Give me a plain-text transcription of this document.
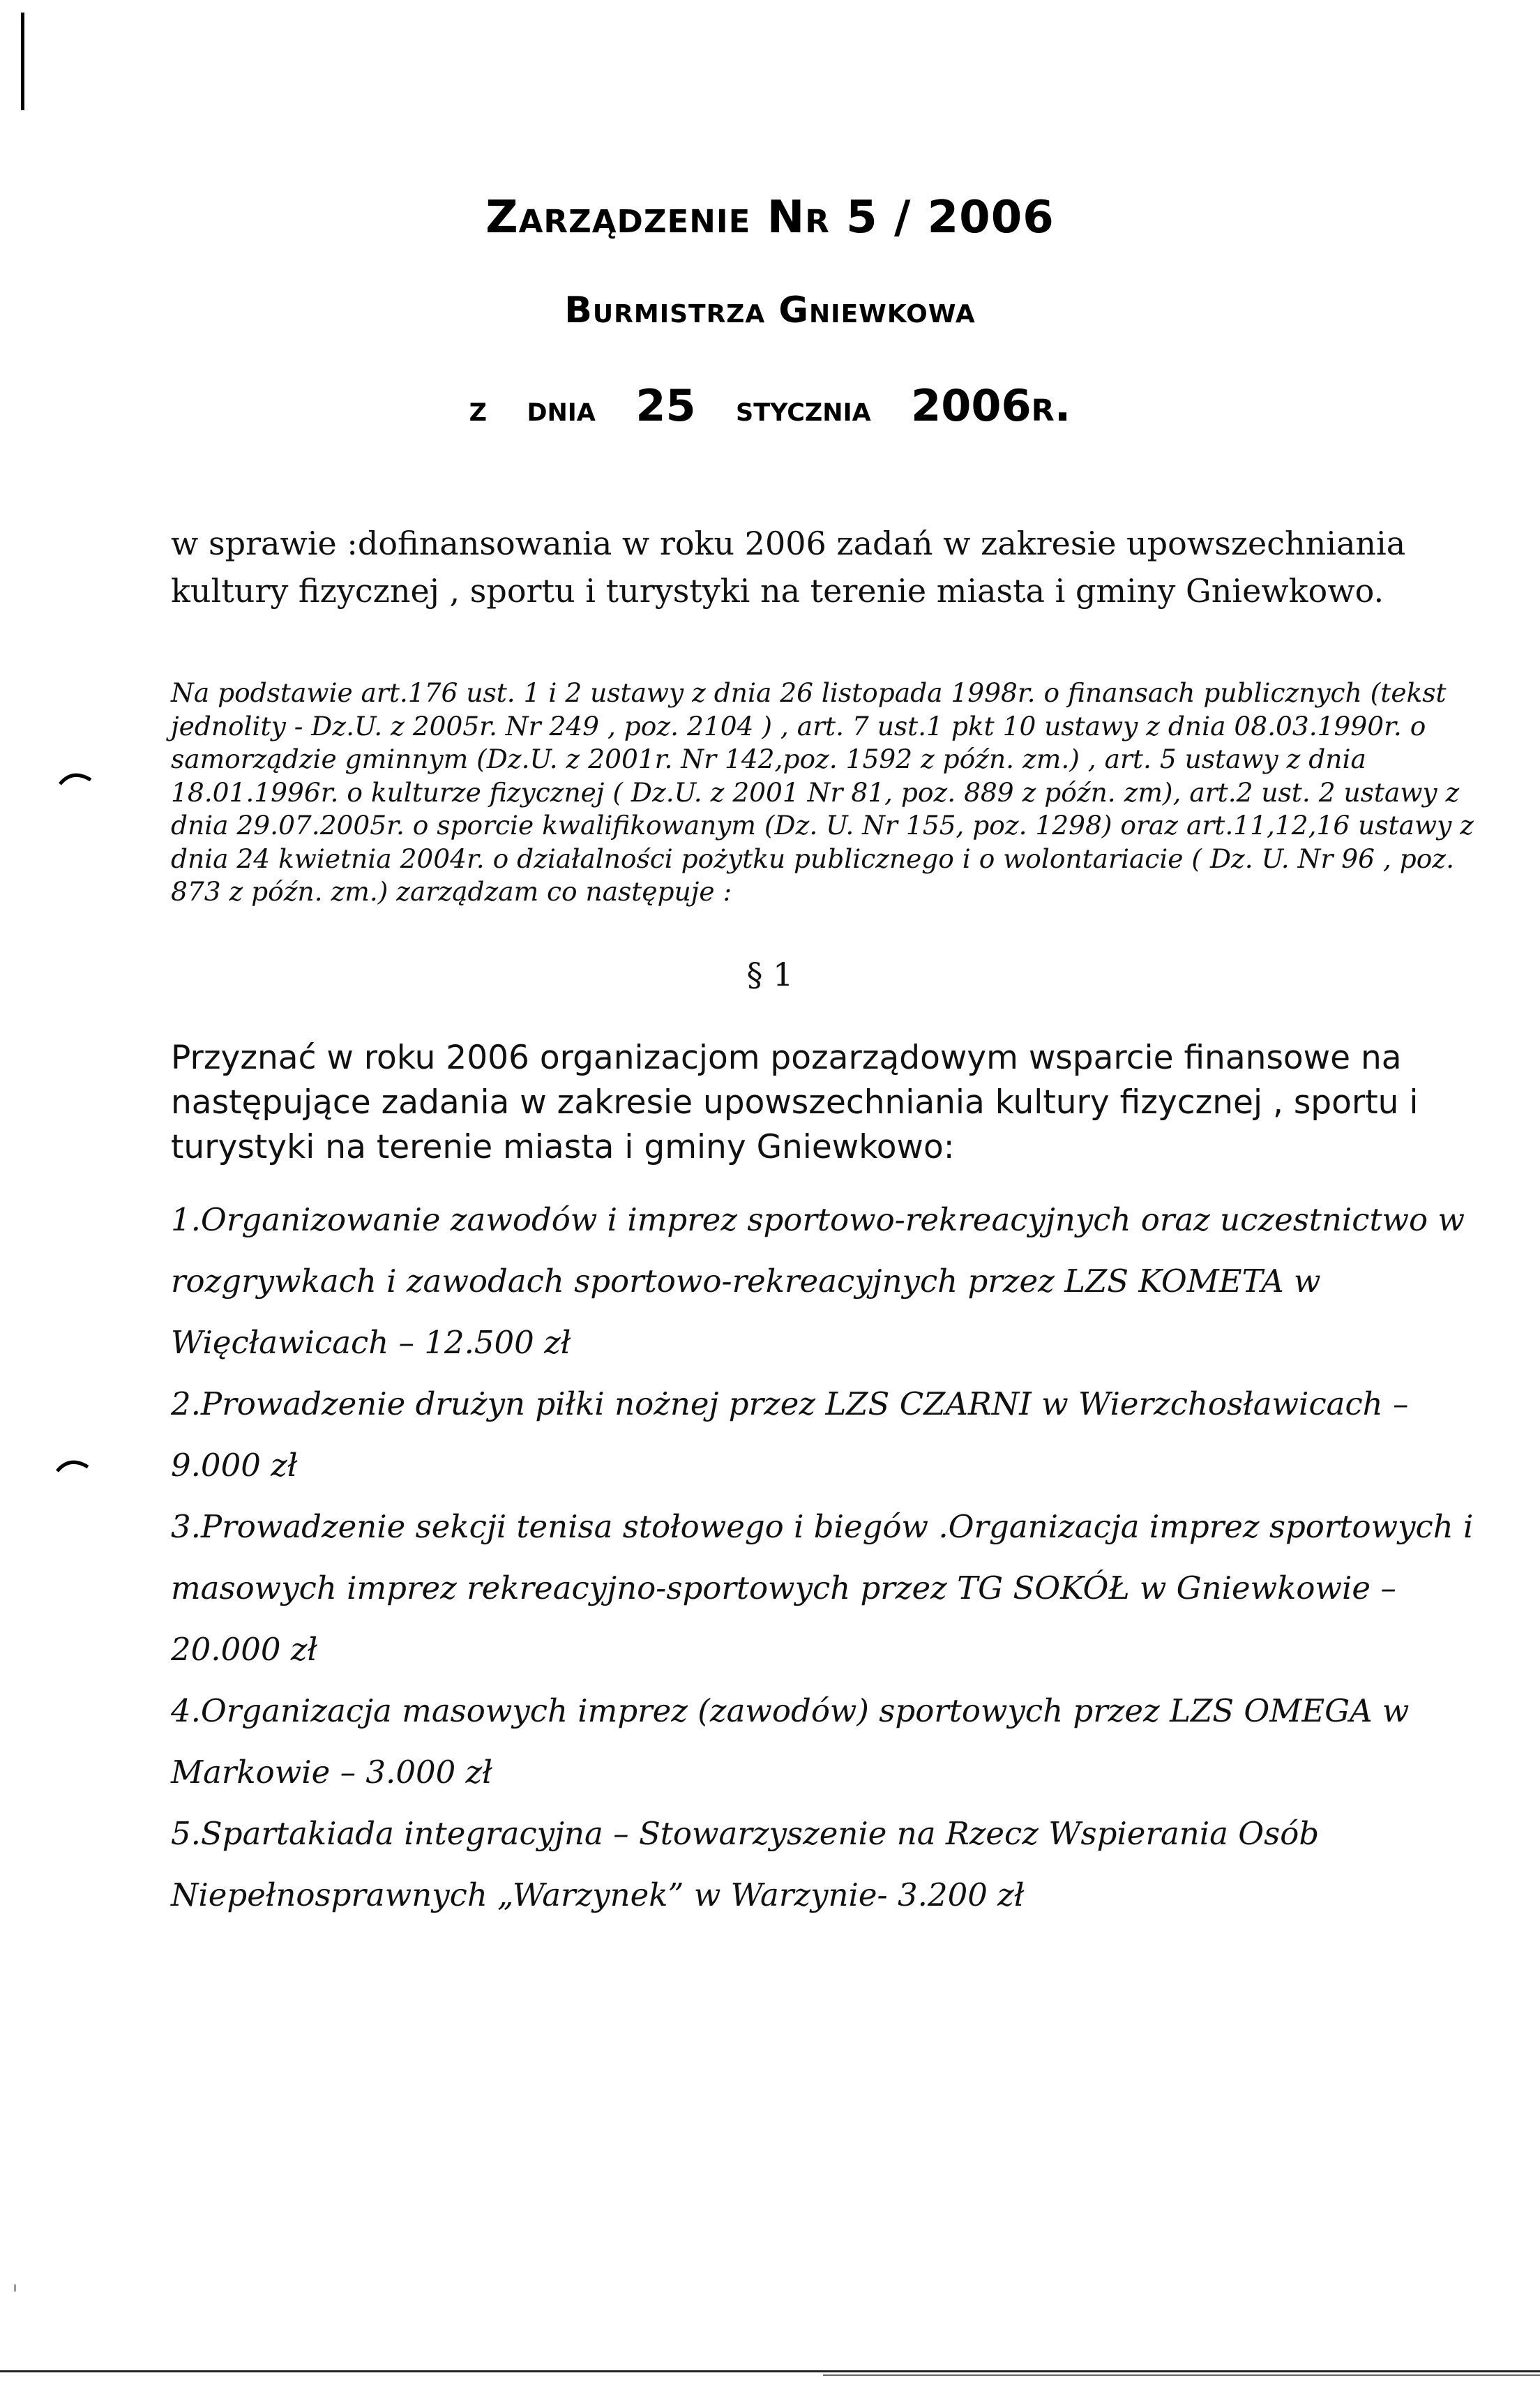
Zarządzenie Nr 5 / 2006
Burmistrza Gniewkowa
z dnia 25 stycznia 2006r.
w sprawie :dofinansowania w roku 2006 zadań w zakresie upowszechniania kultury fizycznej , sportu i turystyki na terenie miasta i gminy Gniewkowo.
Na podstawie art.176 ust. 1 i 2 ustawy z dnia 26 listopada 1998r. o finansach publicznych (tekst jednolity - Dz.U. z 2005r. Nr 249 , poz. 2104 ) , art. 7 ust.1 pkt 10 ustawy z dnia 08.03.1990r. o samorządzie gminnym (Dz.U. z 2001r. Nr 142,poz. 1592 z późn. zm.) , art. 5 ustawy z dnia 18.01.1996r. o kulturze fizycznej ( Dz.U. z 2001 Nr 81, poz. 889 z późn. zm), art.2 ust. 2 ustawy z dnia 29.07.2005r. o sporcie kwalifikowanym (Dz. U. Nr 155, poz. 1298) oraz art.11,12,16 ustawy z dnia 24 kwietnia 2004r. o działalności pożytku publicznego i o wolontariacie ( Dz. U. Nr 96 , poz. 873 z późn. zm.) zarządzam co następuje :
§ 1
Przyznać w roku 2006 organizacjom pozarządowym wsparcie finansowe na następujące zadania w zakresie upowszechniania kultury fizycznej , sportu i turystyki na terenie miasta i gminy Gniewkowo:
1.Organizowanie zawodów i imprez sportowo-rekreacyjnych oraz uczestnictwo w rozgrywkach i zawodach sportowo-rekreacyjnych przez LZS KOMETA w Więcławicach – 12.500 zł
2.Prowadzenie drużyn piłki nożnej przez LZS CZARNI w Wierzchosławicach – 9.000 zł
3.Prowadzenie sekcji tenisa stołowego i biegów .Organizacja imprez sportowych i masowych imprez rekreacyjno-sportowych przez TG SOKÓŁ w Gniewkowie – 20.000 zł
4.Organizacja masowych imprez (zawodów) sportowych przez LZS OMEGA w Markowie – 3.000 zł
5.Spartakiada integracyjna – Stowarzyszenie na Rzecz Wspierania Osób Niepełnosprawnych „Warzynek” w Warzynie- 3.200 zł
